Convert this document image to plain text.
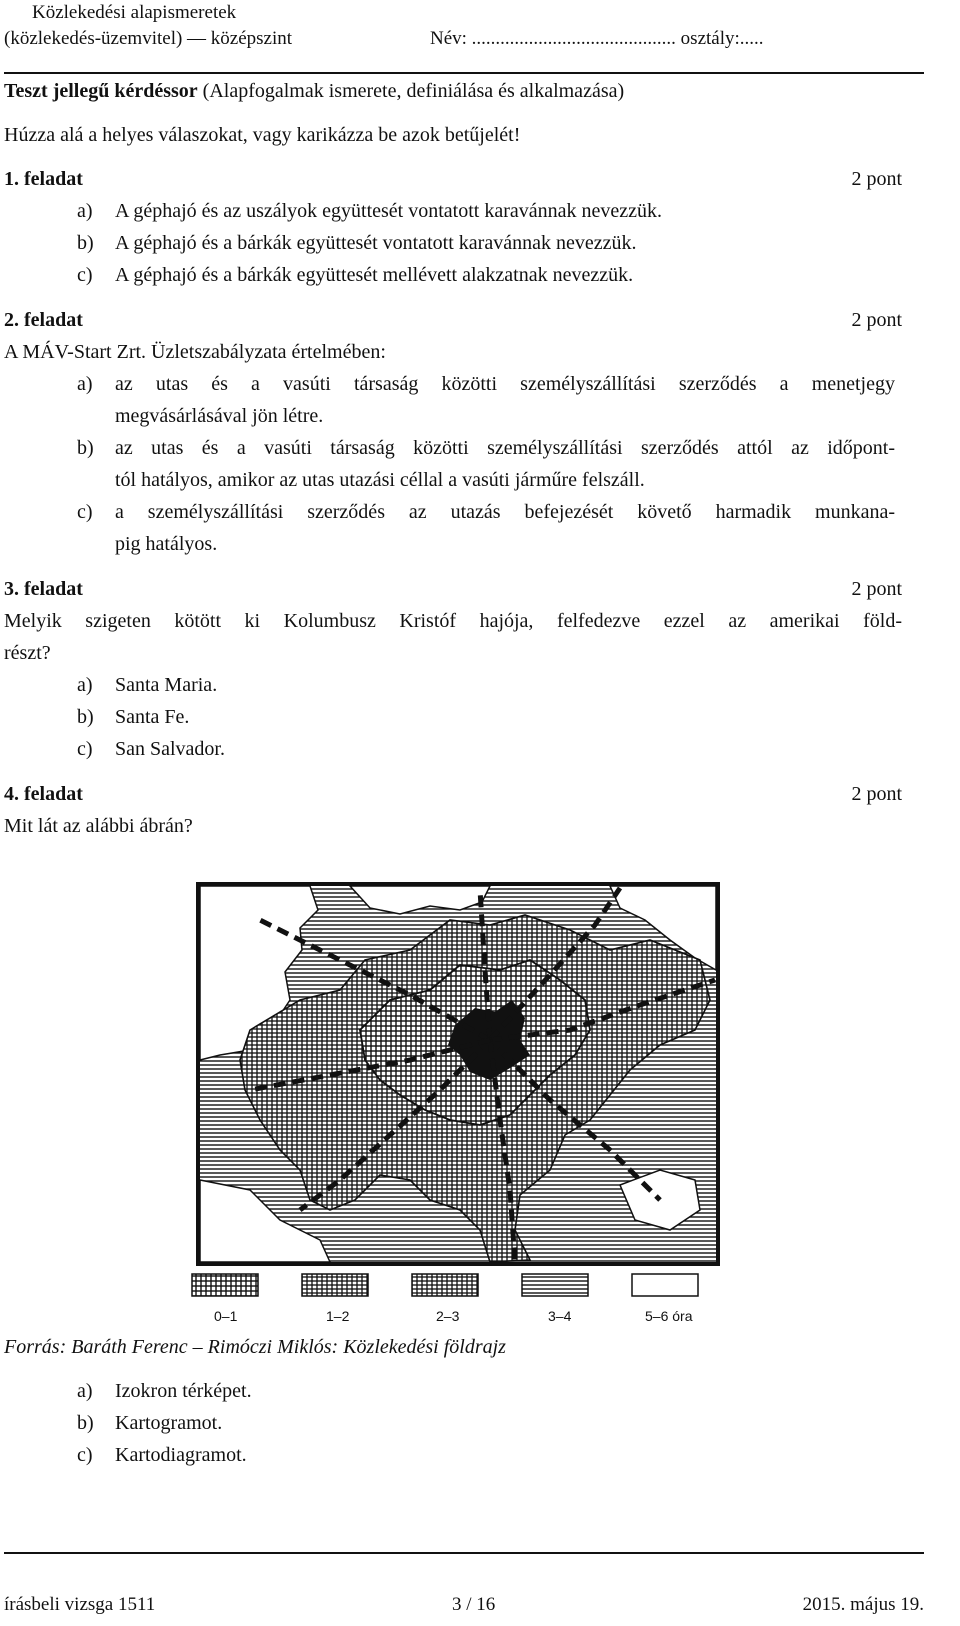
Közlekedési alapismeretek
(közlekedés-üzemvitel) — középszint	Név: ........................................... osztály:.....
Teszt jellegű kérdéssor (Alapfogalmak ismerete, definiálása és alkalmazása)
Húzza alá a helyes válaszokat, vagy karikázza be azok betűjelét!
1. feladat	2 pont
a) A géphajó és az uszályok együttesét vontatott karavánnak nevezzük.
b) A géphajó és a bárkák együttesét vontatott karavánnak nevezzük.
c) A géphajó és a bárkák együttesét mellévett alakzatnak nevezzük.
2. feladat	2 pont
A MÁV-Start Zrt. Üzletszabályzata értelmében:
a) az utas és a vasúti társaság közötti személyszállítási szerződés a menetjegy
megvásárlásával jön létre.
b) az utas és a vasúti társaság közötti személyszállítási szerződés attól az időpont-
tól hatályos, amikor az utas utazási céllal a vasúti járműre felszáll.
c) a személyszállítási szerződés az utazás befejezését követő harmadik munkana-
pig hatályos.
3. feladat	2 pont
Melyik szigeten kötött ki Kolumbusz Kristóf hajója, felfedezve ezzel az amerikai föld-
részt?
a) Santa Maria.
b) Santa Fe.
c) San Salvador.
4. feladat	2 pont
Mit lát az alábbi ábrán?
0–1	1–2	2–3	3–4	5–6 óra
Forrás: Baráth Ferenc – Rimóczi Miklós: Közlekedési földrajz
a) Izokron térképet.
b) Kartogramot.
c) Kartodiagramot.
írásbeli vizsga 1511	3 / 16	2015. május 19.
